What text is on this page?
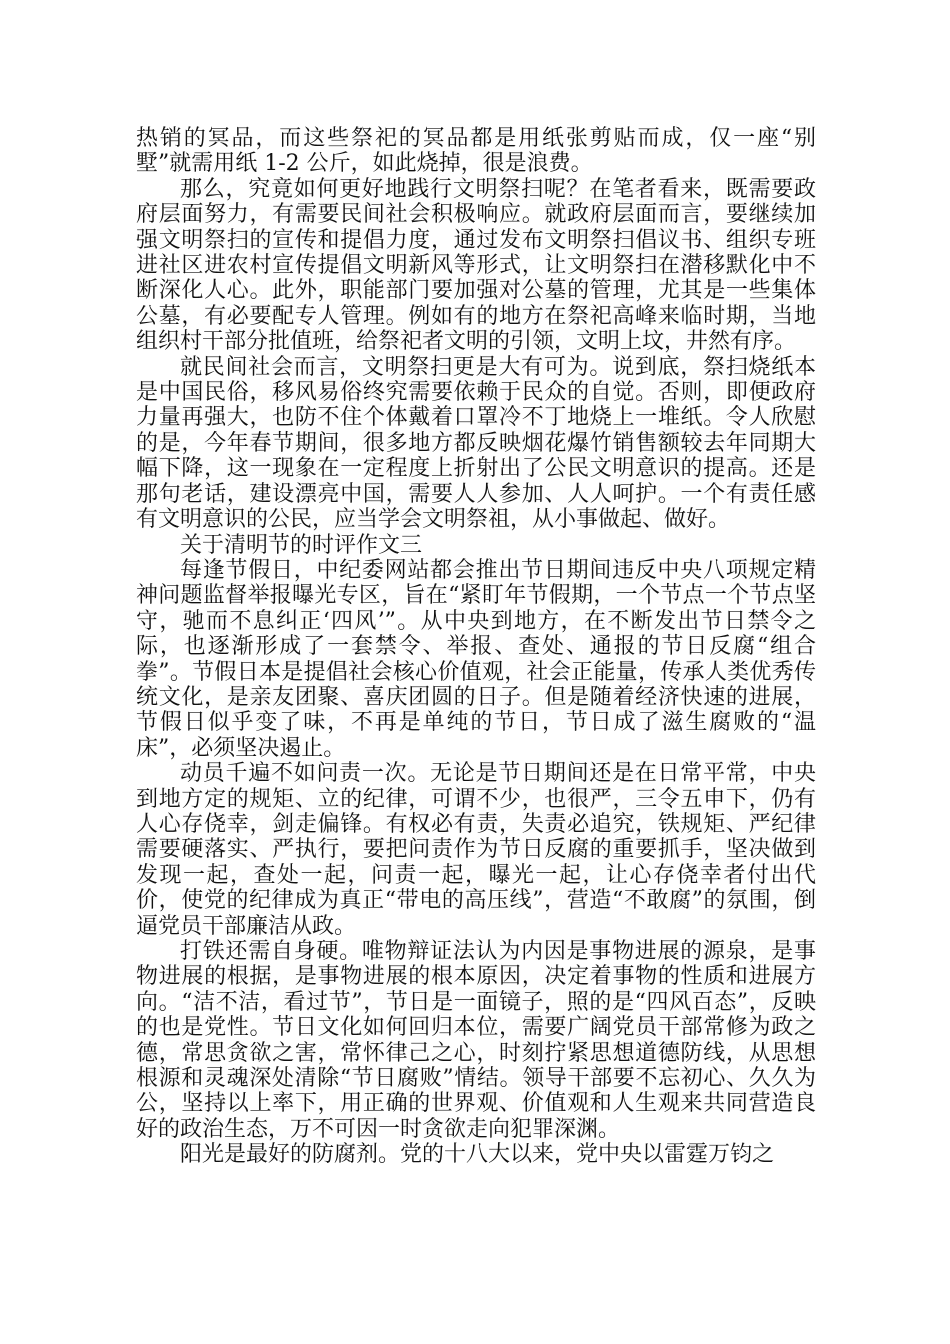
热销的冥品，而这些祭祀的冥品都是用纸张剪贴而成，仅一座“别墅”就需用纸 1-2 公斤，如此烧掉，很是浪费。

那么，究竟如何更好地践行文明祭扫呢？在笔者看来，既需要政府层面努力，有需要民间社会积极响应。就政府层面而言，要继续加强文明祭扫的宣传和提倡力度，通过发布文明祭扫倡议书、组织专班进社区进农村宣传提倡文明新风等形式，让文明祭扫在潜移默化中不断深化人心。此外，职能部门要加强对公墓的管理，尤其是一些集体公墓，有必要配专人管理。例如有的地方在祭祀高峰来临时期，当地组织村干部分批值班，给祭祀者文明的引领，文明上坟，井然有序。

就民间社会而言，文明祭扫更是大有可为。说到底，祭扫烧纸本是中国民俗，移风易俗终究需要依赖于民众的自觉。否则，即便政府力量再强大，也防不住个体戴着口罩冷不丁地烧上一堆纸。令人欣慰的是，今年春节期间，很多地方都反映烟花爆竹销售额较去年同期大幅下降，这一现象在一定程度上折射出了公民文明意识的提高。还是那句老话，建设漂亮中国，需要人人参加、人人呵护。一个有责任感有文明意识的公民，应当学会文明祭祖，从小事做起、做好。

关于清明节的时评作文三

每逢节假日，中纪委网站都会推出节日期间违反中央八项规定精神问题监督举报曝光专区，旨在“紧盯年节假期，一个节点一个节点坚守，驰而不息纠正‘四风’”。从中央到地方，在不断发出节日禁令之际，也逐渐形成了一套禁令、举报、查处、通报的节日反腐“组合拳”。节假日本是提倡社会核心价值观，社会正能量，传承人类优秀传统文化，是亲友团聚、喜庆团圆的日子。但是随着经济快速的进展，节假日似乎变了味，不再是单纯的节日，节日成了滋生腐败的“温床”，必须坚决遏止。

动员千遍不如问责一次。无论是节日期间还是在日常平常，中央到地方定的规矩、立的纪律，可谓不少，也很严，三令五申下，仍有人心存侥幸，剑走偏锋。有权必有责，失责必追究，铁规矩、严纪律需要硬落实、严执行，要把问责作为节日反腐的重要抓手，坚决做到发现一起，查处一起，问责一起，曝光一起，让心存侥幸者付出代价，使党的纪律成为真正“带电的高压线”，营造“不敢腐”的氛围，倒逼党员干部廉洁从政。

打铁还需自身硬。唯物辩证法认为内因是事物进展的源泉，是事物进展的根据，是事物进展的根本原因，决定着事物的性质和进展方向。“洁不洁，看过节”，节日是一面镜子，照的是“四风百态”，反映的也是党性。节日文化如何回归本位，需要广阔党员干部常修为政之德，常思贪欲之害，常怀律己之心，时刻拧紧思想道德防线，从思想根源和灵魂深处清除“节日腐败”情结。领导干部要不忘初心、久久为公，坚持以上率下，用正确的世界观、价值观和人生观来共同营造良好的政治生态，万不可因一时贪欲走向犯罪深渊。

阳光是最好的防腐剂。党的十八大以来，党中央以雷霆万钧之
